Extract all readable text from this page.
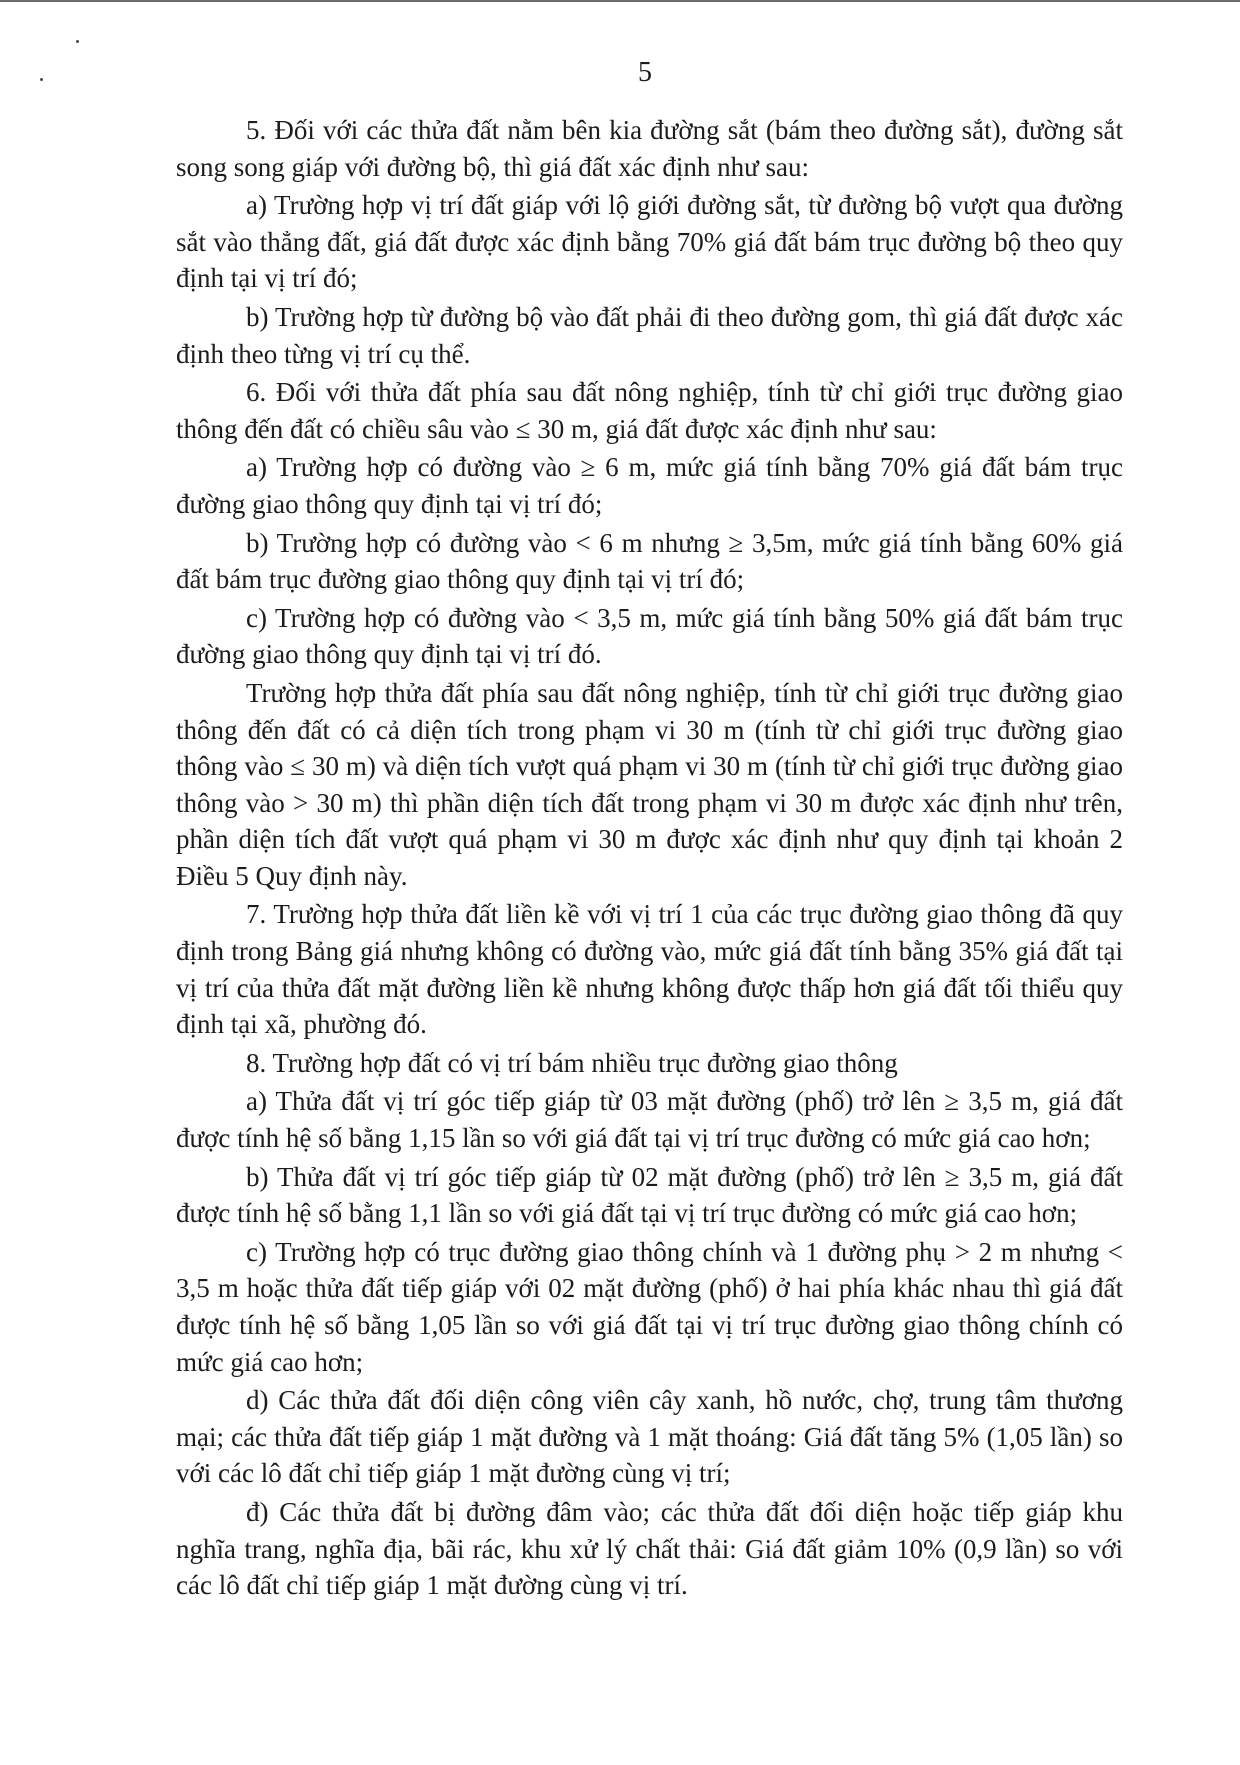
5

5. Đối với các thửa đất nằm bên kia đường sắt (bám theo đường sắt), đường sắt song song giáp với đường bộ, thì giá đất xác định như sau:

a) Trường hợp vị trí đất giáp với lộ giới đường sắt, từ đường bộ vượt qua đường sắt vào thẳng đất, giá đất được xác định bằng 70% giá đất bám trục đường bộ theo quy định tại vị trí đó;

b) Trường hợp từ đường bộ vào đất phải đi theo đường gom, thì giá đất được xác định theo từng vị trí cụ thể.

6. Đối với thửa đất phía sau đất nông nghiệp, tính từ chỉ giới trục đường giao thông đến đất có chiều sâu vào ≤ 30 m, giá đất được xác định như sau:

a) Trường hợp có đường vào ≥ 6 m, mức giá tính bằng 70% giá đất bám trục đường giao thông quy định tại vị trí đó;

b) Trường hợp có đường vào < 6 m nhưng ≥ 3,5m, mức giá tính bằng 60% giá đất bám trục đường giao thông quy định tại vị trí đó;

c) Trường hợp có đường vào < 3,5 m, mức giá tính bằng 50% giá đất bám trục đường giao thông quy định tại vị trí đó.

Trường hợp thửa đất phía sau đất nông nghiệp, tính từ chỉ giới trục đường giao thông đến đất có cả diện tích trong phạm vi 30 m (tính từ chỉ giới trục đường giao thông vào ≤ 30 m) và diện tích vượt quá phạm vi 30 m (tính từ chỉ giới trục đường giao thông vào > 30 m) thì phần diện tích đất trong phạm vi 30 m được xác định như trên, phần diện tích đất vượt quá phạm vi 30 m được xác định như quy định tại khoản 2 Điều 5 Quy định này.

7. Trường hợp thửa đất liền kề với vị trí 1 của các trục đường giao thông đã quy định trong Bảng giá nhưng không có đường vào, mức giá đất tính bằng 35% giá đất tại vị trí của thửa đất mặt đường liền kề nhưng không được thấp hơn giá đất tối thiểu quy định tại xã, phường đó.

8. Trường hợp đất có vị trí bám nhiều trục đường giao thông

a) Thửa đất vị trí góc tiếp giáp từ 03 mặt đường (phố) trở lên ≥ 3,5 m, giá đất được tính hệ số bằng 1,15 lần so với giá đất tại vị trí trục đường có mức giá cao hơn;

b) Thửa đất vị trí góc tiếp giáp từ 02 mặt đường (phố) trở lên ≥ 3,5 m, giá đất được tính hệ số bằng 1,1 lần so với giá đất tại vị trí trục đường có mức giá cao hơn;

c) Trường hợp có trục đường giao thông chính và 1 đường phụ > 2 m nhưng < 3,5 m hoặc thửa đất tiếp giáp với 02 mặt đường (phố) ở hai phía khác nhau thì giá đất được tính hệ số bằng 1,05 lần so với giá đất tại vị trí trục đường giao thông chính có mức giá cao hơn;

d) Các thửa đất đối diện công viên cây xanh, hồ nước, chợ, trung tâm thương mại; các thửa đất tiếp giáp 1 mặt đường và 1 mặt thoáng: Giá đất tăng 5% (1,05 lần) so với các lô đất chỉ tiếp giáp 1 mặt đường cùng vị trí;

đ) Các thửa đất bị đường đâm vào; các thửa đất đối diện hoặc tiếp giáp khu nghĩa trang, nghĩa địa, bãi rác, khu xử lý chất thải: Giá đất giảm 10% (0,9 lần) so với các lô đất chỉ tiếp giáp 1 mặt đường cùng vị trí.
